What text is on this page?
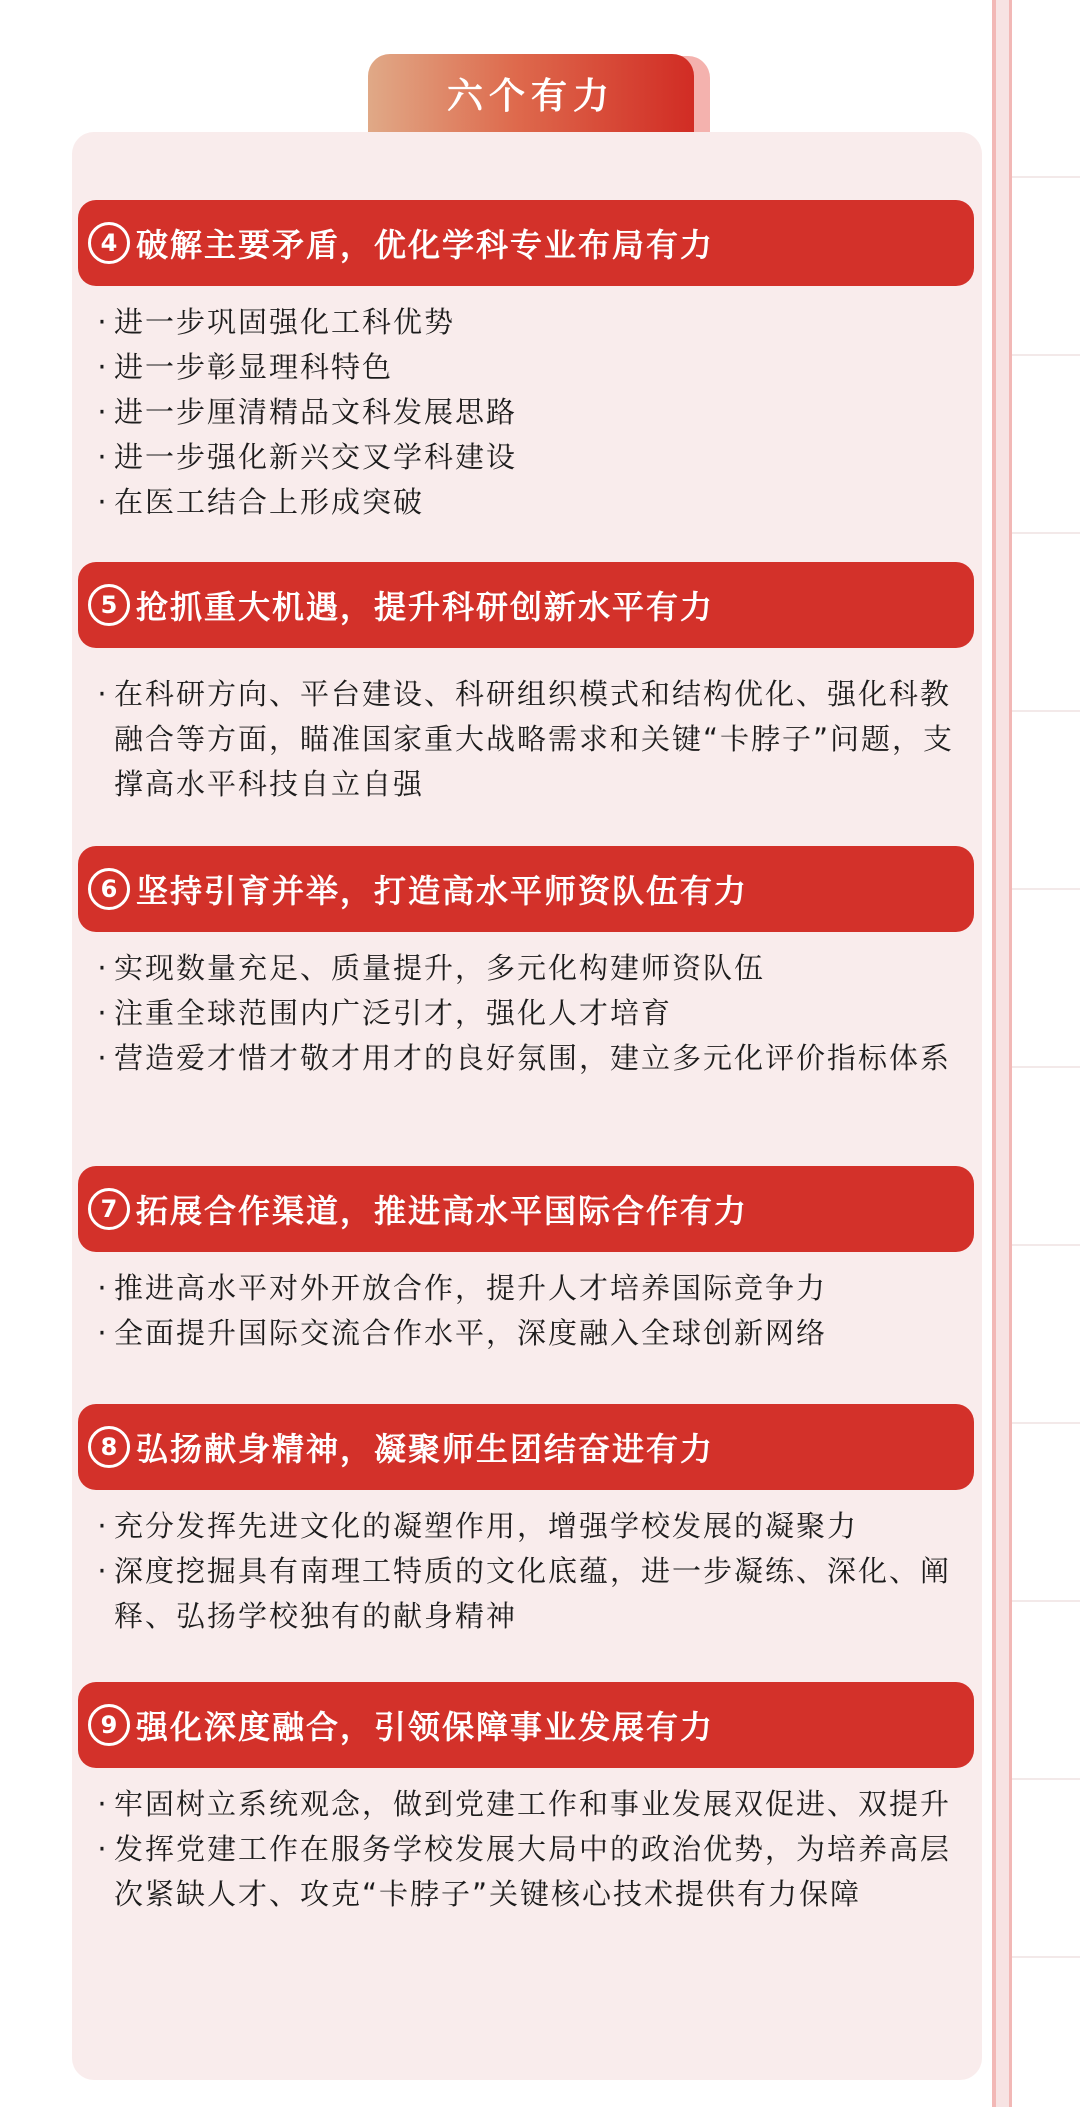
六个有力
4 破解主要矛盾，优化学科专业布局有力
· 进一步巩固强化工科优势
· 进一步彰显理科特色
· 进一步厘清精品文科发展思路
· 进一步强化新兴交叉学科建设
· 在医工结合上形成突破
5 抢抓重大机遇，提升科研创新水平有力
· 在科研方向、平台建设、科研组织模式和结构优化、强化科教融合等方面，瞄准国家重大战略需求和关键“卡脖子”问题，支撑高水平科技自立自强
6 坚持引育并举，打造高水平师资队伍有力
· 实现数量充足、质量提升，多元化构建师资队伍
· 注重全球范围内广泛引才，强化人才培育
· 营造爱才惜才敬才用才的良好氛围，建立多元化评价指标体系
7 拓展合作渠道，推进高水平国际合作有力
· 推进高水平对外开放合作，提升人才培养国际竞争力
· 全面提升国际交流合作水平，深度融入全球创新网络
8 弘扬献身精神，凝聚师生团结奋进有力
· 充分发挥先进文化的凝塑作用，增强学校发展的凝聚力
· 深度挖掘具有南理工特质的文化底蕴，进一步凝练、深化、阐释、弘扬学校独有的献身精神
9 强化深度融合，引领保障事业发展有力
· 牢固树立系统观念，做到党建工作和事业发展双促进、双提升
· 发挥党建工作在服务学校发展大局中的政治优势，为培养高层次紧缺人才、攻克“卡脖子”关键核心技术提供有力保障
